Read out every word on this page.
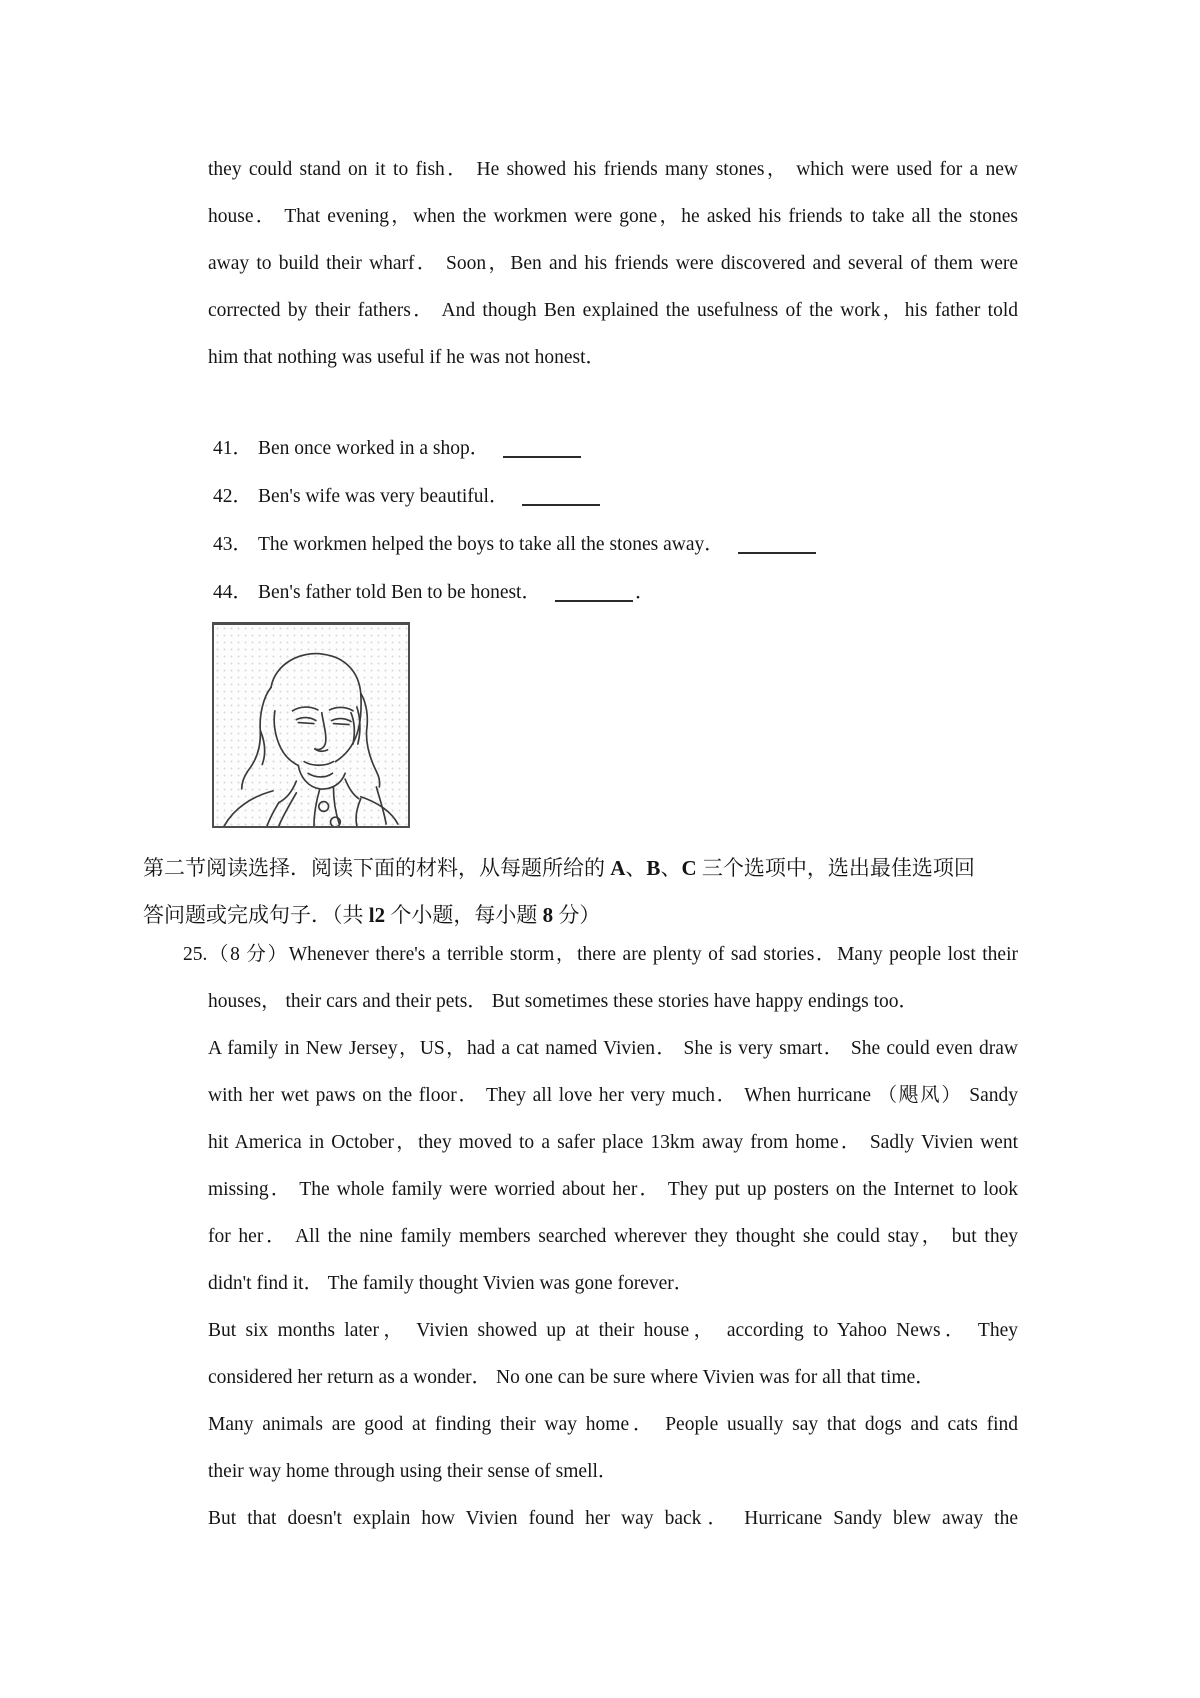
they could stand on it to fish． He showed his friends many stones， which were used for a new
house． That evening，when the workmen were gone，he asked his friends to take all the stones
away to build their wharf． Soon，Ben and his friends were discovered and several of them were
corrected by their fathers． And though Ben explained the usefulness of the work，his father told
him that nothing was useful if he was not honest．
41． Ben once worked in a shop．
42． Ben's wife was very beautiful．
43． The workmen helped the boys to take all the stones away．
44． Ben's father told Ben to be honest．	．
第二节阅读选择．阅读下面的材料，从每题所给的 A、B、C 三个选项中，选出最佳选项回
答问题或完成句子．（共 l2 个小题，每小题 8 分）
25.（8 分）Whenever there's a terrible storm，there are plenty of sad stories．Many people lost their
houses， their cars and their pets． But sometimes these stories have happy endings too．
A family in New Jersey，US，had a cat named Vivien． She is very smart． She could even draw
with her wet paws on the floor． They all love her very much． When hurricane （飓风） Sandy
hit America in October，they moved to a safer place 13km away from home． Sadly Vivien went
missing． The whole family were worried about her． They put up posters on the Internet to look
for her． All the nine family members searched wherever they thought she could stay， but they
didn't find it． The family thought Vivien was gone forever．
But six months later， Vivien showed up at their house， according to Yahoo News． They
considered her return as a wonder． No one can be sure where Vivien was for all that time．
Many animals are good at finding their way home． People usually say that dogs and cats find
their way home through using their sense of smell．
But that doesn't explain how Vivien found her way back． Hurricane Sandy blew away the
